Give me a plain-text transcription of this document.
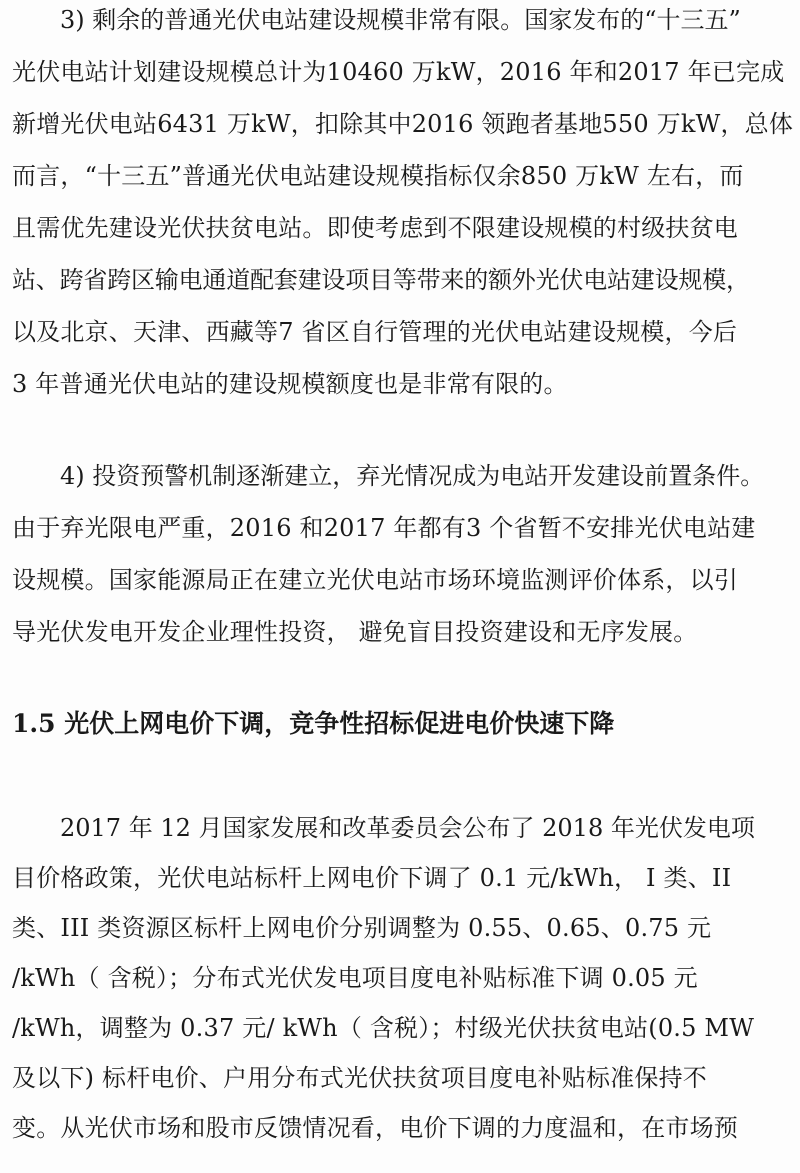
3) 剩余的普通光伏电站建设规模非常有限。国家发布的“十三五”
光伏电站计划建设规模总计为10460 万kW，2016 年和2017 年已完成
新增光伏电站6431 万kW，扣除其中2016 领跑者基地550 万kW，总体
而言，“十三五”普通光伏电站建设规模指标仅余850 万kW 左右，而
且需优先建设光伏扶贫电站。即使考虑到不限建设规模的村级扶贫电
站、跨省跨区输电通道配套建设项目等带来的额外光伏电站建设规模，
以及北京、天津、西藏等7 省区自行管理的光伏电站建设规模，今后
3 年普通光伏电站的建设规模额度也是非常有限的。
4) 投资预警机制逐渐建立，弃光情况成为电站开发建设前置条件。
由于弃光限电严重，2016 和2017 年都有3 个省暂不安排光伏电站建
设规模。国家能源局正在建立光伏电站市场环境监测评价体系，以引
导光伏发电开发企业理性投资， 避免盲目投资建设和无序发展。
1.5 光伏上网电价下调，竞争性招标促进电价快速下降
2017 年 12 月国家发展和改革委员会公布了 2018 年光伏发电项
目价格政策，光伏电站标杆上网电价下调了 0.1 元/kWh， I 类、II
类、III 类资源区标杆上网电价分别调整为 0.55、0.65、0.75 元
/kWh（ 含税）；分布式光伏发电项目度电补贴标准下调 0.05 元
/kWh，调整为 0.37 元/ kWh（ 含税）；村级光伏扶贫电站(0.5 MW
及以下) 标杆电价、户用分布式光伏扶贫项目度电补贴标准保持不
变。从光伏市场和股市反馈情况看，电价下调的力度温和，在市场预
